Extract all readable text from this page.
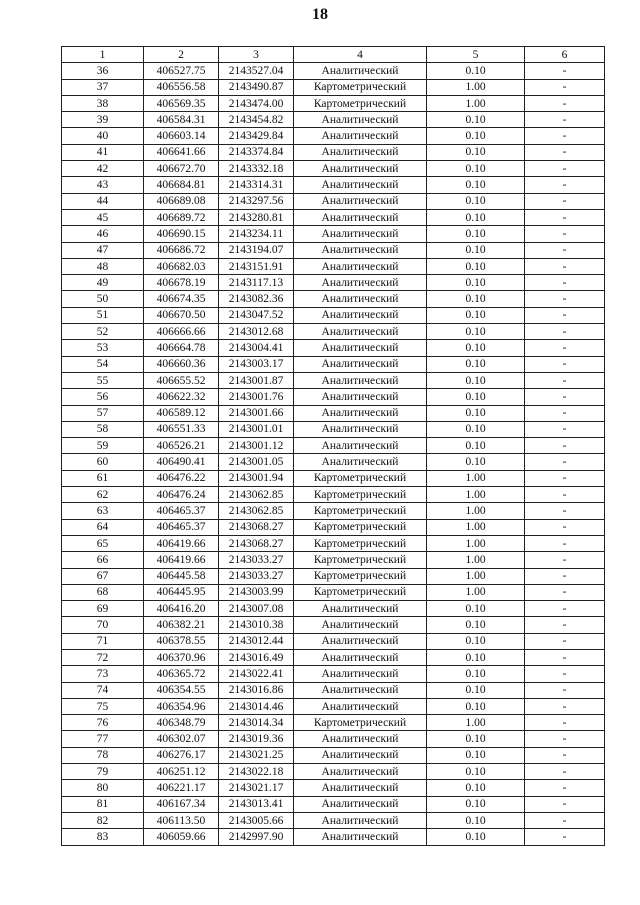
18
1	2	3	4	5	6
36	406527.75	2143527.04	Аналитический	0.10	-
37	406556.58	2143490.87	Картометрический	1.00	-
38	406569.35	2143474.00	Картометрический	1.00	-
39	406584.31	2143454.82	Аналитический	0.10	-
40	406603.14	2143429.84	Аналитический	0.10	-
41	406641.66	2143374.84	Аналитический	0.10	-
42	406672.70	2143332.18	Аналитический	0.10	-
43	406684.81	2143314.31	Аналитический	0.10	-
44	406689.08	2143297.56	Аналитический	0.10	-
45	406689.72	2143280.81	Аналитический	0.10	-
46	406690.15	2143234.11	Аналитический	0.10	-
47	406686.72	2143194.07	Аналитический	0.10	-
48	406682.03	2143151.91	Аналитический	0.10	-
49	406678.19	2143117.13	Аналитический	0.10	-
50	406674.35	2143082.36	Аналитический	0.10	-
51	406670.50	2143047.52	Аналитический	0.10	-
52	406666.66	2143012.68	Аналитический	0.10	-
53	406664.78	2143004.41	Аналитический	0.10	-
54	406660.36	2143003.17	Аналитический	0.10	-
55	406655.52	2143001.87	Аналитический	0.10	-
56	406622.32	2143001.76	Аналитический	0.10	-
57	406589.12	2143001.66	Аналитический	0.10	-
58	406551.33	2143001.01	Аналитический	0.10	-
59	406526.21	2143001.12	Аналитический	0.10	-
60	406490.41	2143001.05	Аналитический	0.10	-
61	406476.22	2143001.94	Картометрический	1.00	-
62	406476.24	2143062.85	Картометрический	1.00	-
63	406465.37	2143062.85	Картометрический	1.00	-
64	406465.37	2143068.27	Картометрический	1.00	-
65	406419.66	2143068.27	Картометрический	1.00	-
66	406419.66	2143033.27	Картометрический	1.00	-
67	406445.58	2143033.27	Картометрический	1.00	-
68	406445.95	2143003.99	Картометрический	1.00	-
69	406416.20	2143007.08	Аналитический	0.10	-
70	406382.21	2143010.38	Аналитический	0.10	-
71	406378.55	2143012.44	Аналитический	0.10	-
72	406370.96	2143016.49	Аналитический	0.10	-
73	406365.72	2143022.41	Аналитический	0.10	-
74	406354.55	2143016.86	Аналитический	0.10	-
75	406354.96	2143014.46	Аналитический	0.10	-
76	406348.79	2143014.34	Картометрический	1.00	-
77	406302.07	2143019.36	Аналитический	0.10	-
78	406276.17	2143021.25	Аналитический	0.10	-
79	406251.12	2143022.18	Аналитический	0.10	-
80	406221.17	2143021.17	Аналитический	0.10	-
81	406167.34	2143013.41	Аналитический	0.10	-
82	406113.50	2143005.66	Аналитический	0.10	-
83	406059.66	2142997.90	Аналитический	0.10	-
